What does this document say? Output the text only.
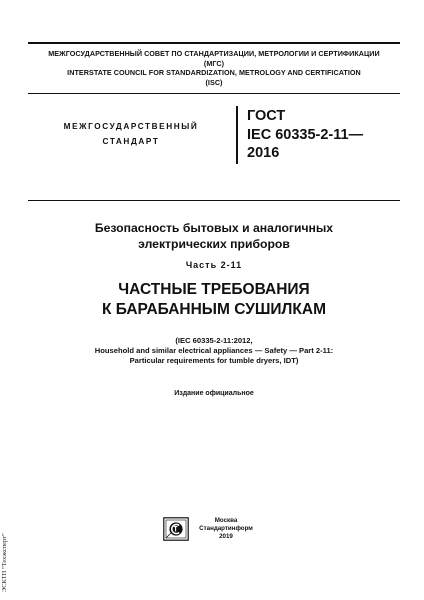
МЕЖГОСУДАРСТВЕННЫЙ СОВЕТ ПО СТАНДАРТИЗАЦИИ, МЕТРОЛОГИИ И СЕРТИФИКАЦИИ
(МГС)
INTERSTATE COUNCIL FOR STANDARDIZATION, METROLOGY AND CERTIFICATION
(ISC)
МЕЖГОСУДАРСТВЕННЫЙ
СТАНДАРТ
ГОСТ
IEC 60335-2-11—
2016
Безопасность бытовых и аналогичных
электрических приборов
Часть 2-11
ЧАСТНЫЕ ТРЕБОВАНИЯ
К БАРАБАННЫМ СУШИЛКАМ
(IEC 60335-2-11:2012,
Household and similar electrical appliances — Safety — Part 2-11:
Particular requirements for tumble dryers, IDT)
Издание официальное
Москва
Стандартинформ
2019
ЭСКТП “Техэксперт”
